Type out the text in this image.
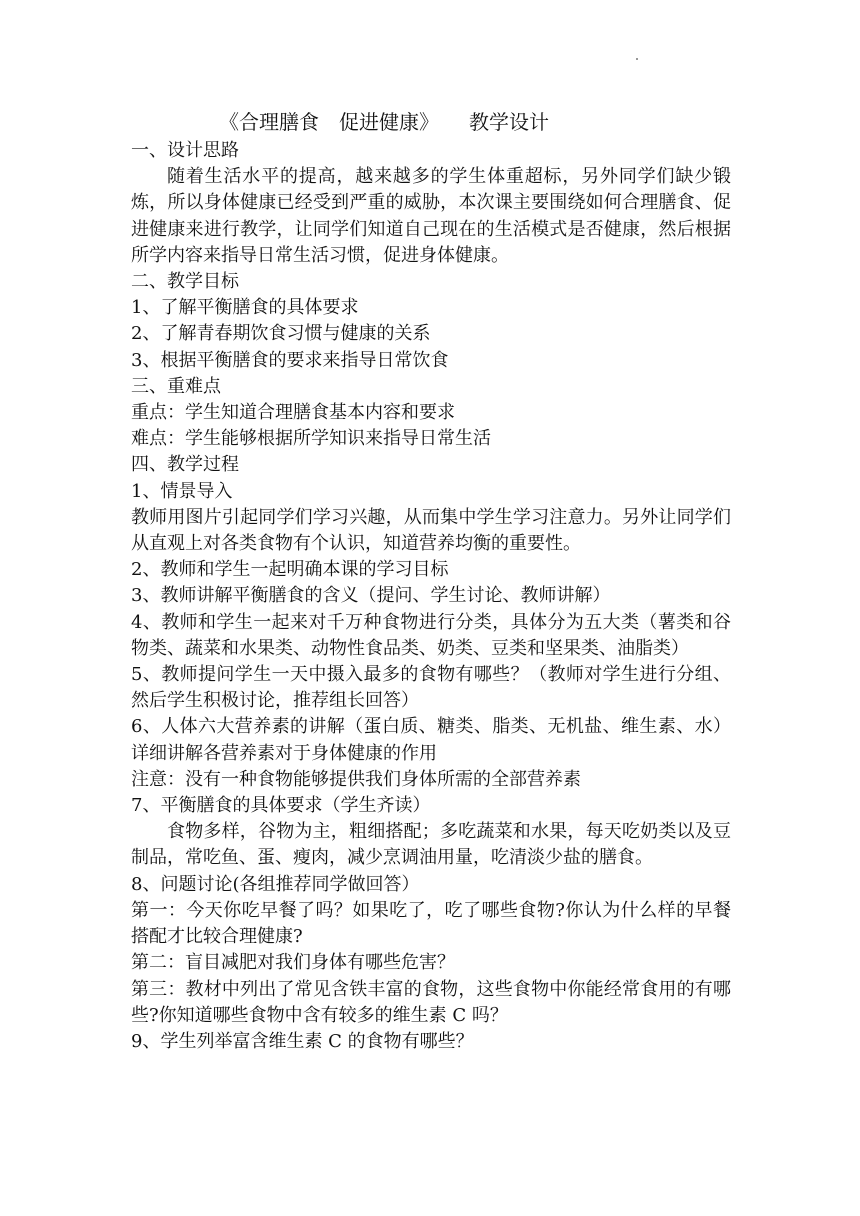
《合理膳食　促进健康》　　教学设计

一、设计思路

随着生活水平的提高，越来越多的学生体重超标，另外同学们缺少锻炼，所以身体健康已经受到严重的威胁，本次课主要围绕如何合理膳食、促进健康来进行教学，让同学们知道自己现在的生活模式是否健康，然后根据所学内容来指导日常生活习惯，促进身体健康。

二、教学目标

1、了解平衡膳食的具体要求

2、了解青春期饮食习惯与健康的关系

3、根据平衡膳食的要求来指导日常饮食

三、重难点

重点：学生知道合理膳食基本内容和要求

难点：学生能够根据所学知识来指导日常生活

四、教学过程

1、情景导入

教师用图片引起同学们学习兴趣，从而集中学生学习注意力。另外让同学们从直观上对各类食物有个认识，知道营养均衡的重要性。

2、教师和学生一起明确本课的学习目标

3、教师讲解平衡膳食的含义（提问、学生讨论、教师讲解）

4、教师和学生一起来对千万种食物进行分类，具体分为五大类（薯类和谷物类、蔬菜和水果类、动物性食品类、奶类、豆类和坚果类、油脂类）

5、教师提问学生一天中摄入最多的食物有哪些？（教师对学生进行分组、然后学生积极讨论，推荐组长回答）

6、人体六大营养素的讲解（蛋白质、糖类、脂类、无机盐、维生素、水）详细讲解各营养素对于身体健康的作用

注意：没有一种食物能够提供我们身体所需的全部营养素

7、平衡膳食的具体要求（学生齐读）

食物多样，谷物为主，粗细搭配；多吃蔬菜和水果，每天吃奶类以及豆制品，常吃鱼、蛋、瘦肉，减少烹调油用量，吃清淡少盐的膳食。

8、问题讨论(各组推荐同学做回答）

第一：今天你吃早餐了吗？如果吃了，吃了哪些食物?你认为什么样的早餐搭配才比较合理健康?

第二：盲目减肥对我们身体有哪些危害？

第三：教材中列出了常见含铁丰富的食物，这些食物中你能经常食用的有哪些?你知道哪些食物中含有较多的维生素 C 吗？

9、学生列举富含维生素 C 的食物有哪些？
